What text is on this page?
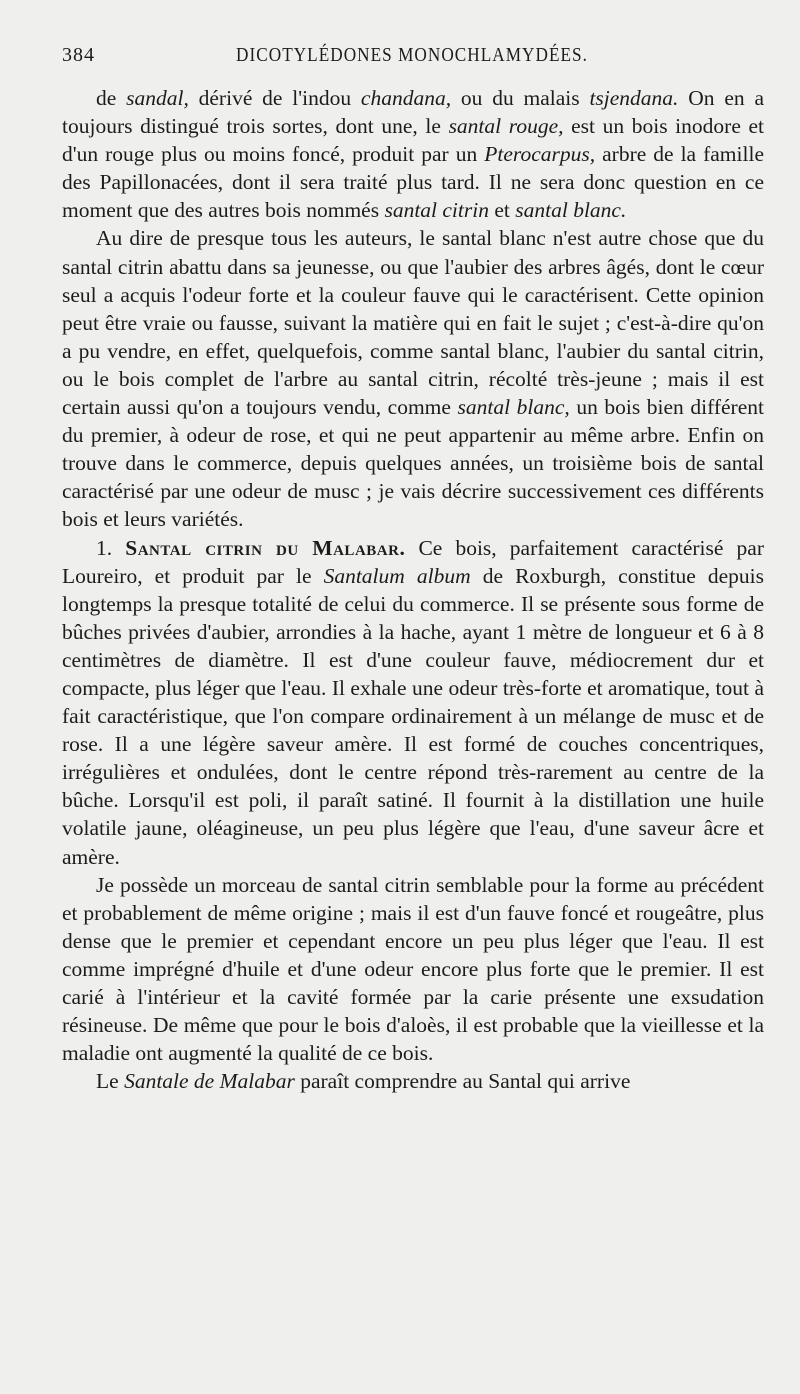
384	DICOTYLÉDONES MONOCHLAMYDÉES.

de sandal, dérivé de l'indou chandana, ou du malais tsjendana. On en a toujours distingué trois sortes, dont une, le santal rouge, est un bois inodore et d'un rouge plus ou moins foncé, produit par un Pterocarpus, arbre de la famille des Papillonacées, dont il sera traité plus tard. Il ne sera donc question en ce moment que des autres bois nommés santal citrin et santal blanc.

Au dire de presque tous les auteurs, le santal blanc n'est autre chose que du santal citrin abattu dans sa jeunesse, ou que l'aubier des arbres âgés, dont le cœur seul a acquis l'odeur forte et la couleur fauve qui le caractérisent. Cette opinion peut être vraie ou fausse, suivant la matière qui en fait le sujet ; c'est-à-dire qu'on a pu vendre, en effet, quelquefois, comme santal blanc, l'aubier du santal citrin, ou le bois complet de l'arbre au santal citrin, récolté très-jeune ; mais il est certain aussi qu'on a toujours vendu, comme santal blanc, un bois bien différent du premier, à odeur de rose, et qui ne peut appartenir au même arbre. Enfin on trouve dans le commerce, depuis quelques années, un troisième bois de santal caractérisé par une odeur de musc ; je vais décrire successivement ces différents bois et leurs variétés.

1. Santal citrin du Malabar. Ce bois, parfaitement caractérisé par Loureiro, et produit par le Santalum album de Roxburgh, constitue depuis longtemps la presque totalité de celui du commerce. Il se présente sous forme de bûches privées d'aubier, arrondies à la hache, ayant 1 mètre de longueur et 6 à 8 centimètres de diamètre. Il est d'une couleur fauve, médiocrement dur et compacte, plus léger que l'eau. Il exhale une odeur très-forte et aromatique, tout à fait caractéristique, que l'on compare ordinairement à un mélange de musc et de rose. Il a une légère saveur amère. Il est formé de couches concentriques, irrégulières et ondulées, dont le centre répond très-rarement au centre de la bûche. Lorsqu'il est poli, il paraît satiné. Il fournit à la distillation une huile volatile jaune, oléagineuse, un peu plus légère que l'eau, d'une saveur âcre et amère.

Je possède un morceau de santal citrin semblable pour la forme au précédent et probablement de même origine ; mais il est d'un fauve foncé et rougeâtre, plus dense que le premier et cependant encore un peu plus léger que l'eau. Il est comme imprégné d'huile et d'une odeur encore plus forte que le premier. Il est carié à l'intérieur et la cavité formée par la carie présente une exsudation résineuse. De même que pour le bois d'aloès, il est probable que la vieillesse et la maladie ont augmenté la qualité de ce bois.

Le Santale de Malabar paraît comprendre au Santal qui arrive
